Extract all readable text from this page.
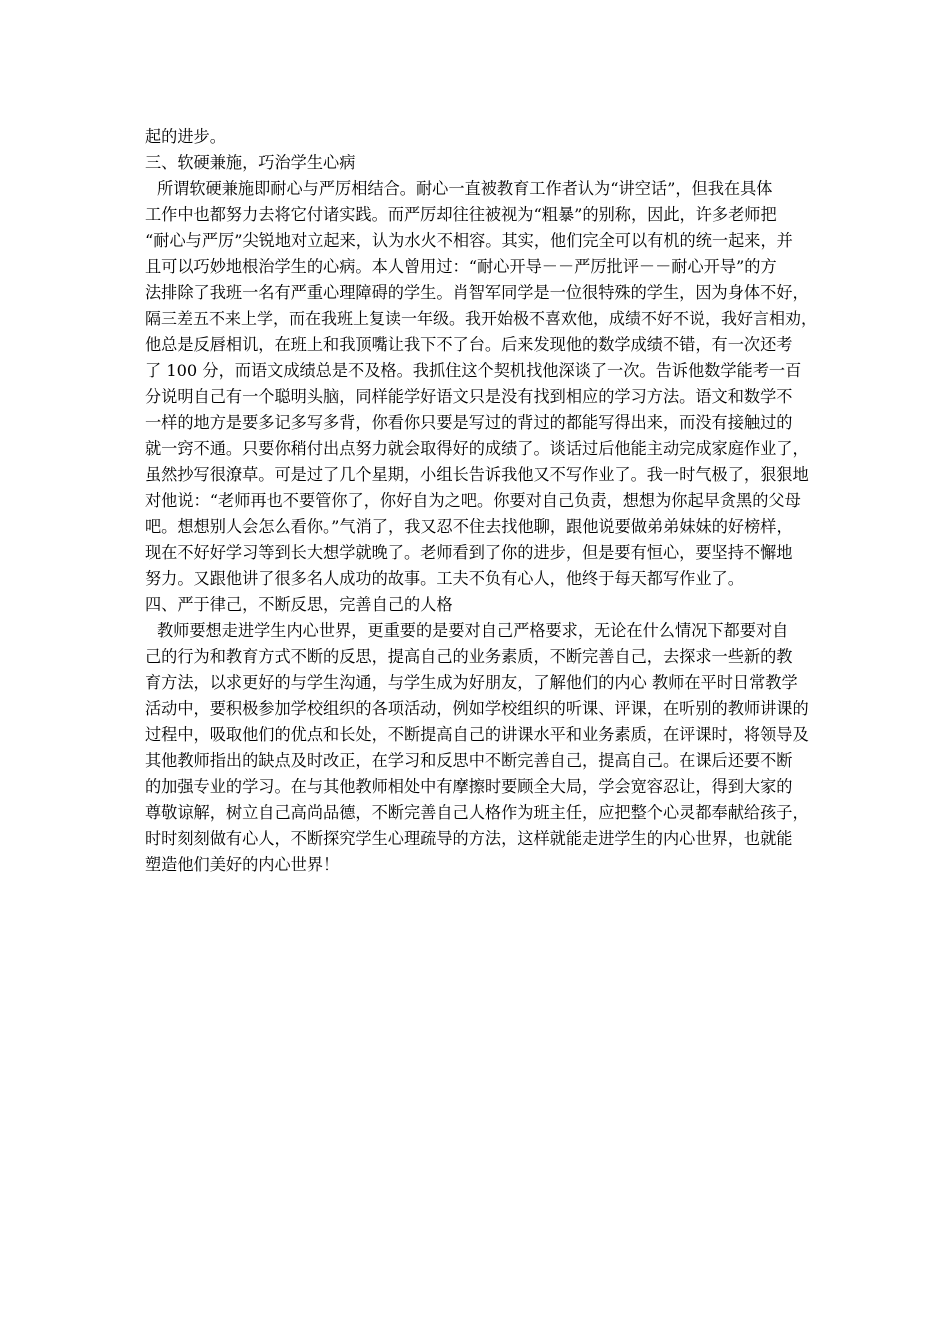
起的进步。
三、软硬兼施，巧治学生心病
所谓软硬兼施即耐心与严厉相结合。耐心一直被教育工作者认为“讲空话”，但我在具体
工作中也都努力去将它付诸实践。而严厉却往往被视为“粗暴”的别称，因此，许多老师把
“耐心与严厉”尖锐地对立起来，认为水火不相容。其实，他们完全可以有机的统一起来，并
且可以巧妙地根治学生的心病。本人曾用过：“耐心开导－－严厉批评－－耐心开导”的方
法排除了我班一名有严重心理障碍的学生。肖智军同学是一位很特殊的学生，因为身体不好，
隔三差五不来上学，而在我班上复读一年级。我开始极不喜欢他，成绩不好不说，我好言相劝，
他总是反唇相讥，在班上和我顶嘴让我下不了台。后来发现他的数学成绩不错，有一次还考
了 100 分，而语文成绩总是不及格。我抓住这个契机找他深谈了一次。告诉他数学能考一百
分说明自己有一个聪明头脑，同样能学好语文只是没有找到相应的学习方法。语文和数学不
一样的地方是要多记多写多背，你看你只要是写过的背过的都能写得出来，而没有接触过的
就一窍不通。只要你稍付出点努力就会取得好的成绩了。谈话过后他能主动完成家庭作业了，
虽然抄写很潦草。可是过了几个星期，小组长告诉我他又不写作业了。我一时气极了，狠狠地
对他说：“老师再也不要管你了，你好自为之吧。你要对自己负责，想想为你起早贪黑的父母
吧。想想别人会怎么看你。”气消了，我又忍不住去找他聊，跟他说要做弟弟妹妹的好榜样，
现在不好好学习等到长大想学就晚了。老师看到了你的进步，但是要有恒心，要坚持不懈地
努力。又跟他讲了很多名人成功的故事。工夫不负有心人，他终于每天都写作业了。
四、严于律己，不断反思，完善自己的人格
教师要想走进学生内心世界，更重要的是要对自己严格要求，无论在什么情况下都要对自
己的行为和教育方式不断的反思，提高自己的业务素质，不断完善自己，去探求一些新的教
育方法，以求更好的与学生沟通，与学生成为好朋友，了解他们的内心 教师在平时日常教学
活动中，要积极参加学校组织的各项活动，例如学校组织的听课、评课，在听别的教师讲课的
过程中，吸取他们的优点和长处，不断提高自己的讲课水平和业务素质，在评课时，将领导及
其他教师指出的缺点及时改正，在学习和反思中不断完善自己，提高自己。在课后还要不断
的加强专业的学习。在与其他教师相处中有摩擦时要顾全大局，学会宽容忍让，得到大家的
尊敬谅解，树立自己高尚品德，不断完善自己人格作为班主任，应把整个心灵都奉献给孩子，
时时刻刻做有心人，不断探究学生心理疏导的方法，这样就能走进学生的内心世界，也就能
塑造他们美好的内心世界！
